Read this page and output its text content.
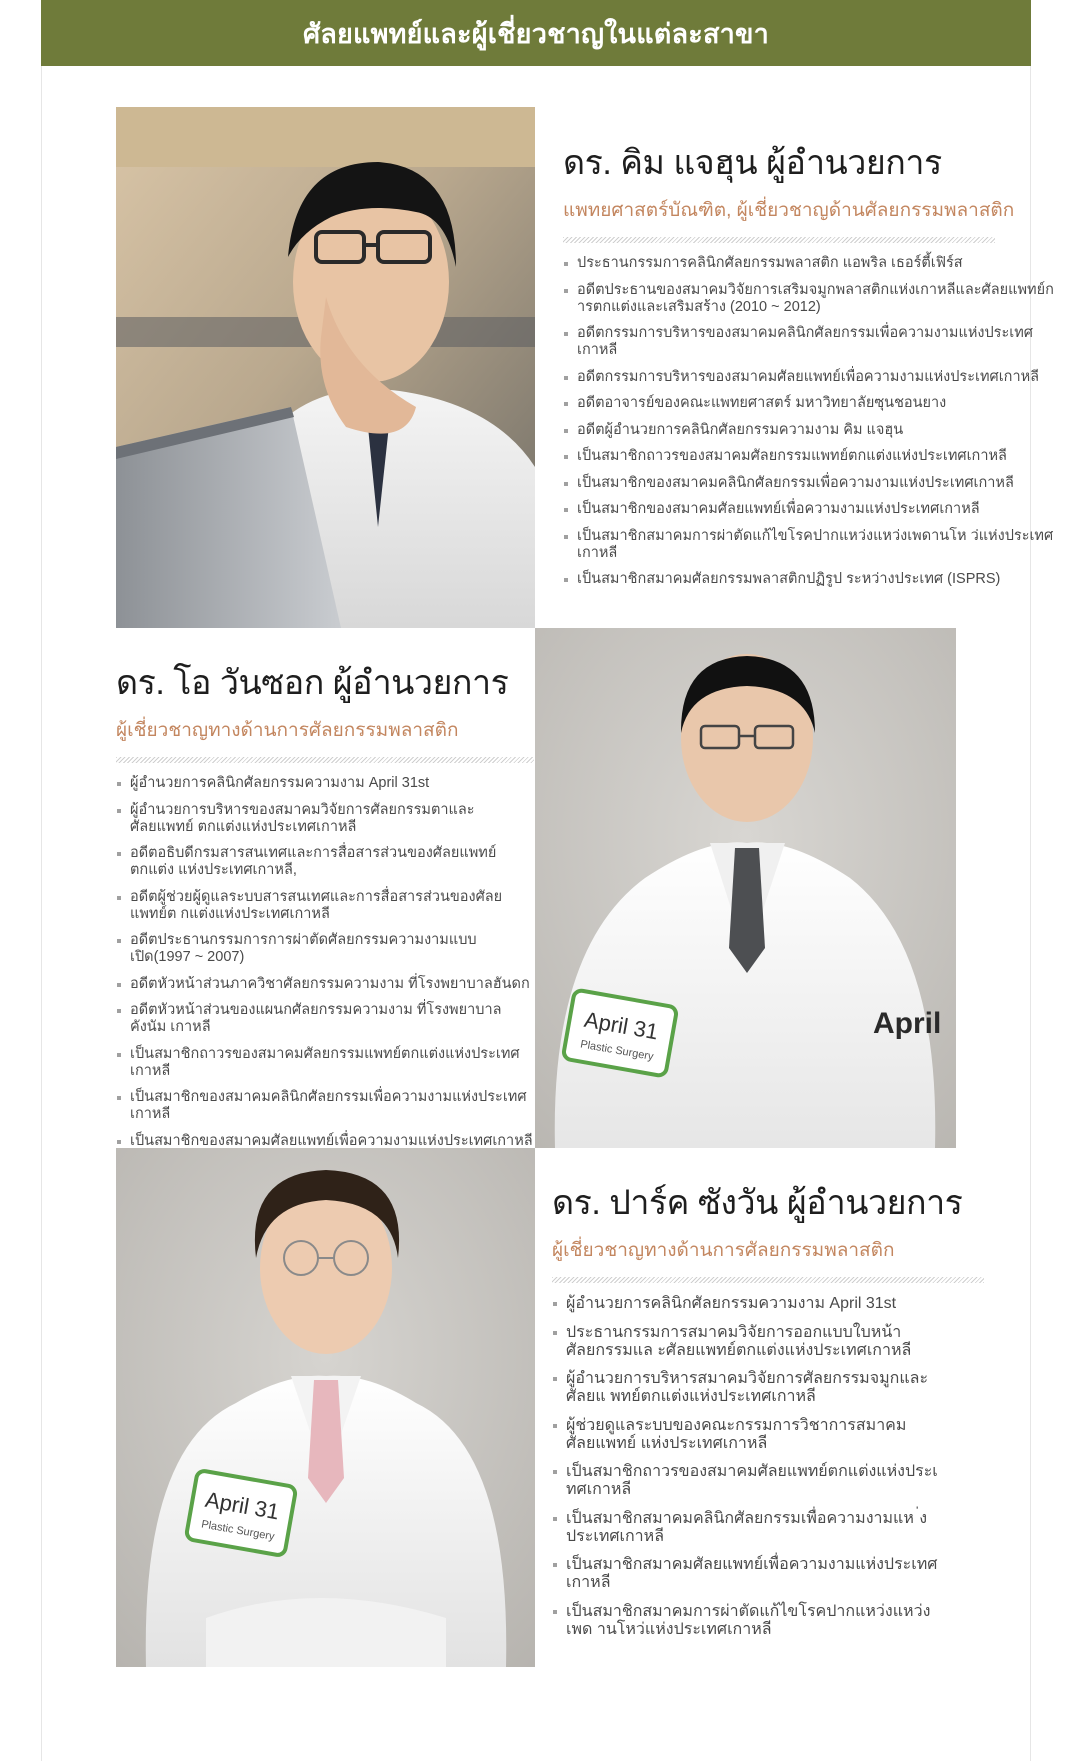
ศัลยแพทย์และผู้เชี่ยวชาญในแต่ละสาขา
ดร. คิม แจฮุน ผู้อำนวยการ

แพทยศาสตร์บัณฑิต, ผู้เชี่ยวชาญด้านศัลยกรรมพลาสติก

ประธานกรรมการคลินิกศัลยกรรมพลาสติก แอพริล เธอร์ตี้เฟิร์ส
อดีตประธานของสมาคมวิจัยการเสริมจมูกพลาสติกแห่งเกาหลีและศัลยแพทย์ก ารตกแต่งและเสริมสร้าง (2010 ~ 2012)
อดีตกรรมการบริหารของสมาคมคลินิกศัลยกรรมเพื่อความงามแห่งประเทศเกาหลี
อดีตกรรมการบริหารของสมาคมศัลยแพทย์เพื่อความงามแห่งประเทศเกาหลี
อดีตอาจารย์ของคณะแพทยศาสตร์ มหาวิทยาลัยซุนชอนยาง
อดีตผู้อำนวยการคลินิกศัลยกรรมความงาม คิม แจฮุน
เป็นสมาชิกถาวรของสมาคมศัลยกรรมแพทย์ตกแต่งแห่งประเทศเกาหลี
เป็นสมาชิกของสมาคมคลินิกศัลยกรรมเพื่อความงามแห่งประเทศเกาหลี
เป็นสมาชิกของสมาคมศัลยแพทย์เพื่อความงามแห่งประเทศเกาหลี
เป็นสมาชิกสมาคมการผ่าตัดแก้ไขโรคปากแหว่งแหว่งเพดานโห ว่แห่งประเทศเกาหลี
เป็นสมาชิกสมาคมศัลยกรรมพลาสติกปฏิรูป ระหว่างประเทศ (ISPRS)
ดร. โอ วันซอก ผู้อำนวยการ

ผู้เชี่ยวชาญทางด้านการศัลยกรรมพลาสติก

ผู้อำนวยการคลินิกศัลยกรรมความงาม April 31st
ผู้อำนวยการบริหารของสมาคมวิจัยการศัลยกรรมตาและศัลยแพทย์ ตกแต่งแห่งประเทศเกาหลี
อดีตอธิบดีกรมสารสนเทศและการสื่อสารส่วนของศัลยแพทย์ตกแต่ง แห่งประเทศเกาหลี,
อดีตผู้ช่วยผู้ดูแลระบบสารสนเทศและการสื่อสารส่วนของศัลยแพทย์ต กแต่งแห่งประเทศเกาหลี
อดีตประธานกรรมการการผ่าตัดศัลยกรรมความงามแบบเปิด(1997 ~ 2007)
อดีตหัวหน้าส่วนภาควิชาศัลยกรรมความงาม ที่โรงพยาบาลฮันดก
อดีตหัวหน้าส่วนของแผนกศัลยกรรมความงาม ที่โรงพยาบาล คังนัม เกาหลี
เป็นสมาชิกถาวรของสมาคมศัลยกรรมแพทย์ตกแต่งแห่งประเทศเกาหลี
เป็นสมาชิกของสมาคมคลินิกศัลยกรรมเพื่อความงามแห่งประเทศเกาหลี
เป็นสมาชิกของสมาคมศัลยแพทย์เพื่อความงามแห่งประเทศเกาหลี
April 31
Plastic Surgery
April
April 31
Plastic Surgery
ดร. ปาร์ค ซังวัน ผู้อำนวยการ

ผู้เชี่ยวชาญทางด้านการศัลยกรรมพลาสติก

ผู้อำนวยการคลินิกศัลยกรรมความงาม April 31st
ประธานกรรมการสมาคมวิจัยการออกแบบใบหน้าศัลยกรรมแล ะศัลยแพทย์ตกแต่งแห่งประเทศเกาหลี
ผู้อำนวยการบริหารสมาคมวิจัยการศัลยกรรมจมูกและศัลยแ พทย์ตกแต่งแห่งประเทศเกาหลี
ผู้ช่วยดูแลระบบของคณะกรรมการวิชาการสมาคมศัลยแพทย์ แห่งประเทศเกาหลี
เป็นสมาชิกถาวรของสมาคมศัลยแพทย์ตกแต่งแห่งประเ ทศเกาหลี
เป็นสมาชิกสมาคมคลินิกศัลยกรรมเพื่อความงามแห ่งประเทศเกาหลี
เป็นสมาชิกสมาคมศัลยแพทย์เพื่อความงามแห่งประเทศเกาหลี
เป็นสมาชิกสมาคมการผ่าตัดแก้ไขโรคปากแหว่งแหว่งเพด านโหว่แห่งประเทศเกาหลี
